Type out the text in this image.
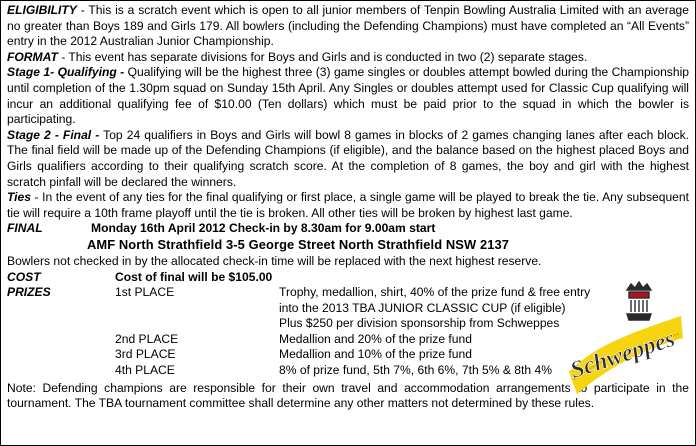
ELIGIBILITY - This is a scratch event which is open to all junior members of Tenpin Bowling Australia Limited with an average no greater than Boys 189 and Girls 179. All bowlers (including the Defending Champions) must have completed an “All Events” entry in the 2012 Australian Junior Championship.

FORMAT - This event has separate divisions for Boys and Girls and is conducted in two (2) separate stages.

Stage 1- Qualifying - Qualifying will be the highest three (3) game singles or doubles attempt bowled during the Championship until completion of the 1.30pm squad on Sunday 15th April. Any Singles or doubles attempt used for Classic Cup qualifying will incur an additional qualifying fee of $10.00 (Ten dollars) which must be paid prior to the squad in which the bowler is participating.

Stage 2 - Final - Top 24 qualifiers in Boys and Girls will bowl 8 games in blocks of 2 games changing lanes after each block. The final field will be made up of the Defending Champions (if eligible), and the balance based on the highest placed Boys and Girls qualifiers according to their qualifying scratch score. At the completion of 8 games, the boy and girl with the highest scratch pinfall will be declared the winners.

Ties - In the event of any ties for the final qualifying or first place, a single game will be played to break the tie. Any subsequent tie will require a 10th frame playoff until the tie is broken. All other ties will be broken by highest last game.

FINAL	Monday 16th April 2012 Check-in by 8.30am for 9.00am start
AMF North Strathfield 3-5 George Street North Strathfield NSW 2137

Bowlers not checked in by the allocated check-in time will be replaced with the next highest reserve.

COST	Cost of final will be $105.00
PRIZES	1st PLACE	Trophy, medallion, shirt, 40% of the prize fund & free entry
into the 2013 TBA JUNIOR CLASSIC CUP (if eligible)
Plus $250 per division sponsorship from Schweppes
2nd PLACE	Medallion and 20% of the prize fund
3rd PLACE	Medallion and 10% of the prize fund
4th PLACE	8% of prize fund, 5th 7%, 6th 6%, 7th 5% & 8th 4%

Note: Defending champions are responsible for their own travel and accommodation arrangements to participate in the tournament. The TBA tournament committee shall determine any other matters not determined by these rules.

Schweppes
